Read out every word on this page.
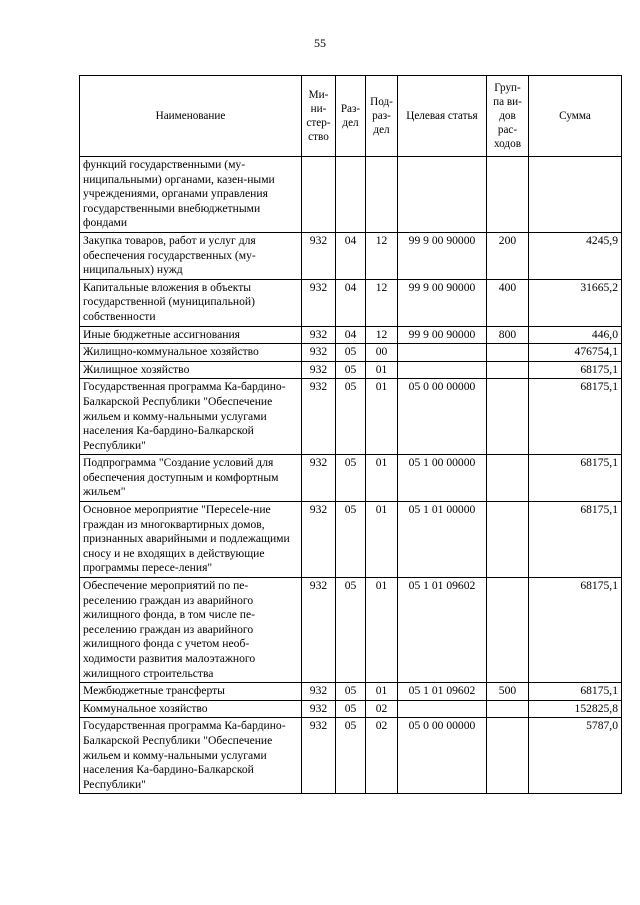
55
Наименование	Ми-ни-стер-ство	Раз-дел	Под-раз-дел	Целевая статья	Груп-па ви-дов рас-ходов	Сумма
функций государственными (му-ниципальными) органами, казен-ными учреждениями, органами управления государственными внебюджетными фондами						
Закупка товаров, работ и услуг для обеспечения государственных (му-ниципальных) нужд	932	04	12	99 9 00 90000	200	4245,9
Капитальные вложения в объекты государственной (муниципальной) собственности	932	04	12	99 9 00 90000	400	31665,2
Иные бюджетные ассигнования	932	04	12	99 9 00 90000	800	446,0
Жилищно-коммунальное хозяйство	932	05	00			476754,1
Жилищное хозяйство	932	05	01			68175,1
Государственная программа Ка-бардино-Балкарской Республики "Обеспечение жильем и комму-нальными услугами населения Ка-бардино-Балкарской Республики"	932	05	01	05 0 00 00000		68175,1
Подпрограмма "Создание условий для обеспечения доступным и комфортным жильем"	932	05	01	05 1 00 00000		68175,1
Основное мероприятие "Пересele-ние граждан из многоквартирных домов, признанных аварийными и подлежащими сносу и не входящих в действующие программы пересе-ления"	932	05	01	05 1 01 00000		68175,1
Обеспечение мероприятий по пе-реселению граждан из аварийного жилищного фонда, в том числе пе-реселению граждан из аварийного жилищного фонда с учетом необ-ходимости развития малоэтажного жилищного строительства	932	05	01	05 1 01 09602		68175,1
Межбюджетные трансферты	932	05	01	05 1 01 09602	500	68175,1
Коммунальное хозяйство	932	05	02			152825,8
Государственная программа Ка-бардино-Балкарской Республики "Обеспечение жильем и комму-нальными услугами населения Ка-бардино-Балкарской Республики"	932	05	02	05 0 00 00000		5787,0
